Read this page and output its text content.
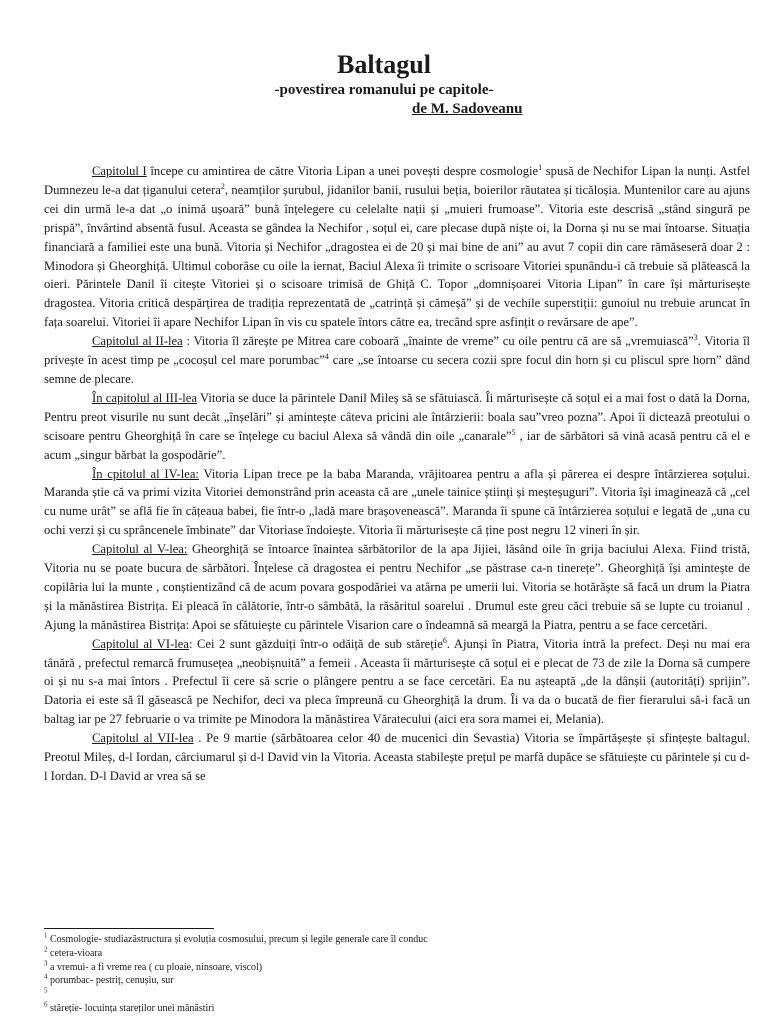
Baltagul
-povestirea romanului pe capitole-
de M. Sadoveanu

Capitolul I începe cu amintirea de către Vitoria Lipan a unei povești despre cosmologie$^1$ spusă de Nechifor Lipan la nunți. Astfel Dumnezeu le-a dat țiganului cetera$^2$, neamților șurubul, jidanilor banii, rusului beția, boierilor răutatea și ticăloșia. Muntenilor care au ajuns cei din urmă le-a dat „o inimă ușoară” bună înțelegere cu celelalte nații și „muieri frumoase”. Vitoria este descrisă „stând singură pe prispă”, învârtind absentă fusul. Aceasta se gândea la Nechifor , soțul ei, care plecase după niște oi, la Dorna și nu se mai întoarse. Situația financiară a familiei este una bună. Vitoria și Nechifor „dragostea ei de 20 și mai bine de ani” au avut 7 copii din care rămăseseră doar 2 : Minodora și Gheorghiță. Ultimul coborâse cu oile la iernat, Baciul Alexa îi trimite o scrisoare Vitoriei spunându-i că trebuie să plătească la oieri. Părintele Danil îi citește Vitoriei și o scisoare trimisă de Ghiță C. Topor „domnișoarei Vitoria Lipan” în care își mărturisește dragostea. Vitoria critică despărțirea de tradiția reprezentată de „catrință și cămeșă” și de vechile superstiții: gunoiul nu trebuie aruncat în fața soarelui. Vitoriei îi apare Nechifor Lipan în vis cu spatele întors către ea, trecând spre asfințit o revărsare de ape”.

Capitolul al II-lea : Vitoria îl zărește pe Mitrea care coboară „înainte de vreme” cu oile pentru că are să „vremuiască”$^3$. Vitoria îl privește în acest timp pe „cocoșul cel mare porumbac”$^4$ care „se întoarse cu secera cozii spre focul din horn și cu pliscul spre horn” dând semne de plecare.

În capitolul al III-lea Vitoria se duce la părintele Danil Mileș să se sfătuiască. Îi mărturisește că soțul ei a mai fost o dată la Dorna, Pentru preot visurile nu sunt decât „înșelări” și amintește câteva pricini ale întârzierii: boala sau”vreo pozna”. Apoi îi dictează preotului o scisoare pentru Gheorghiță în care se înțelege cu baciul Alexa să vândă din oile „canarale”$^5$ , iar de sărbători să vină acasă pentru că el e acum „singur bărbat la gospodărie”.

În cpitolul al IV-lea: Vitoria Lipan trece pe la baba Maranda, vrăjitoarea pentru a afla și părerea ei despre întârzierea soțului. Maranda știe că va primi vizita Vitoriei demonstrând prin aceasta că are „unele tainice științi și meșteșuguri”. Vitoria își imaginează că „cel cu nume urât” se află fie în cățeaua babei, fie într-o „ladă mare brașovenească”. Maranda îi spune că întârzierea soțului e legată de „una cu ochi verzi și cu sprâncenele îmbinate” dar Vitoriase îndoiește. Vitoria îi mărturisește că ține post negru 12 vineri în șir.

Capitolul al V-lea: Gheorghiță se întoarce înaintea sărbătorilor de la apa Jijiei, lăsând oile în grija baciului Alexa. Fiind tristă, Vitoria nu se poate bucura de sărbători. Înțelese că dragostea ei pentru Nechifor „se păstrase ca-n tinerețe”. Gheorghiță își amintește de copilăria lui la munte , conștientizând că de acum povara gospodăriei va atârna pe umerii lui. Vitoria se hotărăște să facă un drum la Piatra și la mănăstirea Bistrița. Ei pleacă în călătorie, într-o sâmbătă, la răsăritul soarelui . Drumul este greu căci trebuie să se lupte cu troianul . Ajung la mănăstirea Bistrița: Apoi se sfătuiește cu părintele Visarion care o îndeamnă să meargă la Piatra, pentru a se face cercetări.

Capitolul al VI-lea: Cei 2 sunt găzduiți într-o odăiță de sub stăreție$^6$. Ajunși în Piatra, Vitoria intră la prefect. Deși nu mai era tânără , prefectul remarcă frumusețea „neobișnuită” a femeii . Aceasta îi mărturisește că soțul ei e plecat de 73 de zile la Dorna să cumpere oi și nu s-a mai întors . Prefectul îi cere să scrie o plângere pentru a se face cercetări. Ea nu așteaptă „de la dânșii (autorități) sprijin”. Datoria ei este să îl găsească pe Nechifor, deci va pleca împreună cu Gheorghiță la drum. Îi va da o bucată de fier fierarului să-i facă un baltag iar pe 27 februarie o va trimite pe Minodora la mănăstirea Văratecului (aici era sora mamei ei, Melania).

Capitolul al VII-lea . Pe 9 martie (sărbătoarea celor 40 de mucenici din Sevastia) Vitoria se împărtășește și sfințește baltagul. Preotul Mileș, d-l Iordan, cârciumarul și d-l David vin la Vitoria. Aceasta stabilește prețul pe marfă dupăce se sfătuiește cu părintele și cu d-l Iordan. D-l David ar vrea să se

$^1$ Cosmologie- studiazăstructura și evoluția cosmosului, precum și legile generale care îl conduc
$^2$ cetera-vioara
$^3$ a vremui- a fi vreme rea ( cu ploaie, ninsoare, viscol)
$^4$ porumbac- pestriț, cenușiu, sur
$^5$
$^6$ stăreție- locuința stareților unei mănăstiri
